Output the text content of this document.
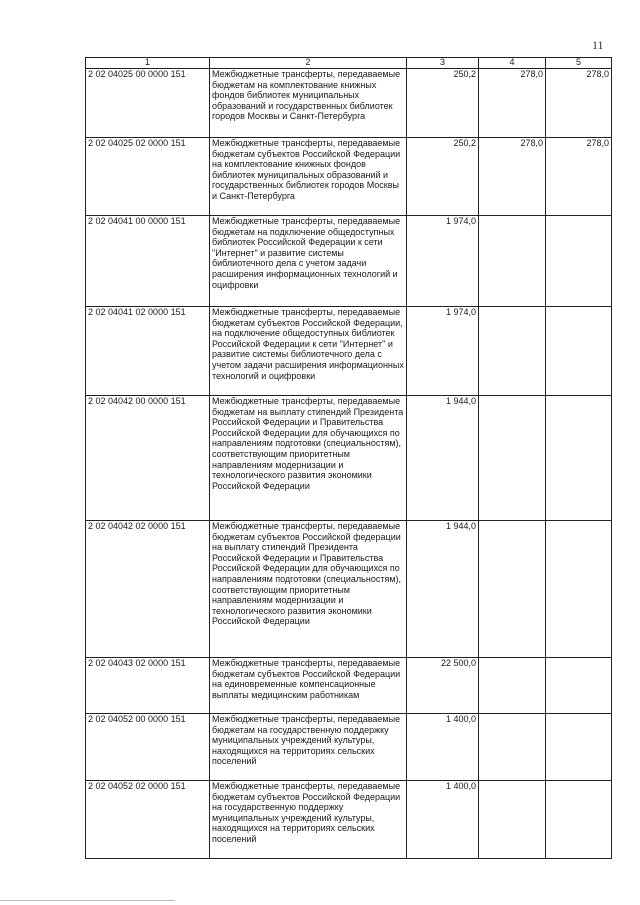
11
1	2	3	4	5
2 02 04025 00 0000 151	Межбюджетные трансферты, передаваемые бюджетам на комплектование книжных фондов библиотек муниципальных образований и государственных библиотек городов Москвы и Санкт-Петербурга	250,2	278,0	278,0
2 02 04025 02 0000 151	Межбюджетные трансферты, передаваемые бюджетам субъектов Российской Федерации на комплектование книжных фондов библиотек муниципальных образований и государственных библиотек городов Москвы и Санкт-Петербурга	250,2	278,0	278,0
2 02 04041 00 0000 151	Межбюджетные трансферты, передаваемые бюджетам на подключение общедоступных библиотек Российской Федерации к сети "Интернет" и развитие системы библиотечного дела с учетом задачи расширения информационных технологий и оцифровки	1 974,0		
2 02 04041 02 0000 151	Межбюджетные трансферты, передаваемые бюджетам субъектов Российской Федерации, на подключение общедоступных библиотек Российской Федерации к сети "Интернет" и развитие системы библиотечного дела с учетом задачи расширения информационных технологий и оцифровки	1 974,0		
2 02 04042 00 0000 151	Межбюджетные трансферты, передаваемые бюджетам на выплату стипендий Президента Российской Федерации и Правительства Российской Федерации для обучающихся по направлениям подготовки (специальностям), соответствующим приоритетным направлениям модернизации и технологического развития экономики Российской Федерации	1 944,0		
2 02 04042 02 0000 151	Межбюджетные трансферты, передаваемые бюджетам субъектов Российской федерации на выплату стипендий Президента Российской Федерации и Правительства Российской Федерации для обучающихся по направлениям подготовки (специальностям), соответствующим приоритетным направлениям модернизации и технологического развития экономики Российской Федерации	1 944,0		
2 02 04043 02 0000 151	Межбюджетные трансферты, передаваемые бюджетам субъектов Российской Федерации на единовременные компенсационные выплаты медицинским работникам	22 500,0		
2 02 04052 00 0000 151	Межбюджетные трансферты, передаваемые бюджетам на государственную поддержку муниципальных учреждений культуры, находящихся на территориях сельских поселений	1 400,0		
2 02 04052 02 0000 151	Межбюджетные трансферты, передаваемые бюджетам субъектов Российской Федерации на государственную поддержку муниципальных учреждений культуры, находящихся на территориях сельских поселений	1 400,0		
